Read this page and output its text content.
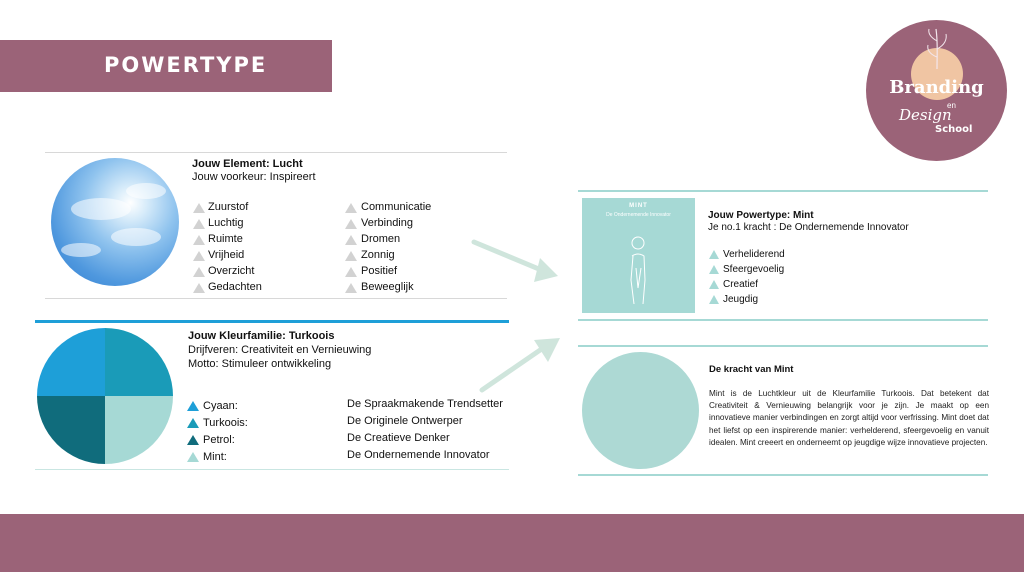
POWERTYPE
Branding
en
Design
School
Jouw Element: Lucht
Jouw voorkeur: Inspireert
Zuurstof
Luchtig
Ruimte
Vrijheid
Overzicht
Gedachten
Communicatie
Verbinding
Dromen
Zonnig
Positief
Beweeglijk
Jouw Kleurfamilie: Turkoois
Drijfveren: Creativiteit en Vernieuwing
Motto: Stimuleer ontwikkeling
Cyaan:	De Spraakmakende Trendsetter
Turkoois:	De Originele Ontwerper
Petrol:	De Creatieve Denker
Mint:	De Ondernemende Innovator
MINT
De Ondernemende Innovator	Jouw Powertype: Mint
Je no.1 kracht : De Ondernemende Innovator
Verheliderend
Sfeergevoelig
Creatief
Jeugdig
De kracht van Mint
Mint is de Luchtkleur uit de Kleurfamilie Turkoois. Dat betekent dat Creativiteit & Vernieuwing belangrijk voor je zijn. Je maakt op een innovatieve manier verbindingen en zorgt altijd voor verfrissing. Mint doet dat het liefst op een inspirerende manier: verhelderend, sfeergevoelig en vanuit idealen. Mint creeert en onderneemt op jeugdige wijze innovatieve projecten.
